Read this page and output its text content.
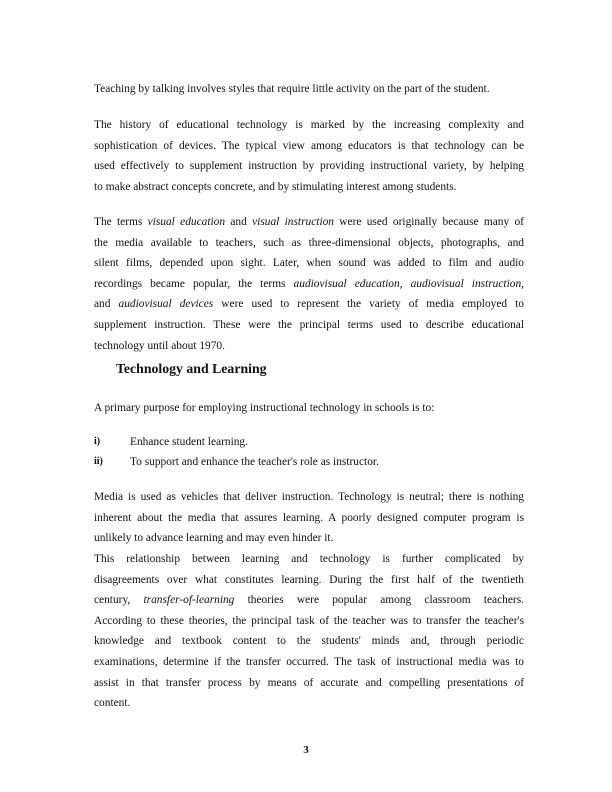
Teaching by talking involves styles that require little activity on the part of the student.

The history of educational technology is marked by the increasing complexity and
sophistication of devices. The typical view among educators is that technology can be
used effectively to supplement instruction by providing instructional variety, by helping
to make abstract concepts concrete, and by stimulating interest among students.

The terms visual education and visual instruction were used originally because many of
the media available to teachers, such as three-dimensional objects, photographs, and
silent films, depended upon sight. Later, when sound was added to film and audio
recordings became popular, the terms audiovisual education, audiovisual instruction,
and audiovisual devices were used to represent the variety of media employed to
supplement instruction. These were the principal terms used to describe educational
technology until about 1970.

Technology and Learning

A primary purpose for employing instructional technology in schools is to:

i)	Enhance student learning.
ii) To support and enhance the teacher's role as instructor.

Media is used as vehicles that deliver instruction. Technology is neutral; there is nothing
inherent about the media that assures learning. A poorly designed computer program is
unlikely to advance learning and may even hinder it.

This relationship between learning and technology is further complicated by
disagreements over what constitutes learning. During the first half of the twentieth
century, transfer-of-learning theories were popular among classroom teachers.
According to these theories, the principal task of the teacher was to transfer the teacher's
knowledge and textbook content to the students' minds and, through periodic
examinations, determine if the transfer occurred. The task of instructional media was to
assist in that transfer process by means of accurate and compelling presentations of
content.

3
